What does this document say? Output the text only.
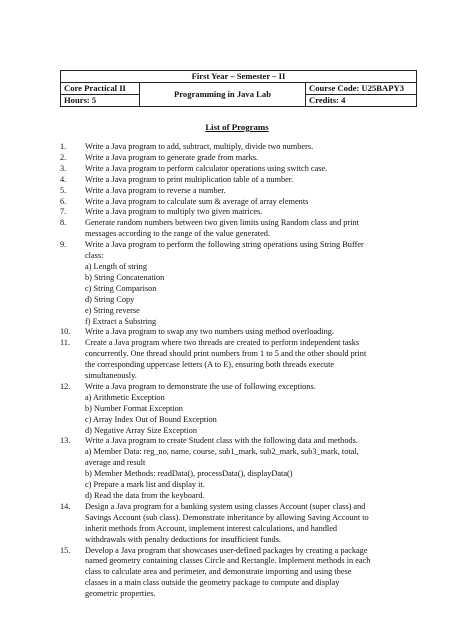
First Year – Semester – II		
Core Practical II	Programming in Java Lab	Course Code: U25BAPY3
Hours: 5		Credits: 4
List of Programs
1. Write a Java program to add, subtract, multiply, divide two numbers.
2. Write a Java program to generate grade from marks.
3. Write a Java program to perform calculator operations using switch case.
4. Write a Java program to print multiplication table of a number.
5. Write a Java program to reverse a number.
6. Write a Java program to calculate sum & average of array elements
7. Write a Java program to multiply two given matrices.
8. Generate random numbers between two given limits using Random class and print
messages according to the range of the value generated.
9. Write a Java program to perform the following string operations using String Buffer
class:
a) Length of string
b) String Concatenation
c) String Comparison
d) String Copy
e) String reverse
f) Extract a Substring
10. Write a Java program to swap any two numbers using method overloading.
11. Create a Java program where two threads are created to perform independent tasks
concurrently. One thread should print numbers from 1 to 5 and the other should print
the corresponding uppercase letters (A to E), ensuring both threads execute
simultaneously.
12. Write a Java program to demonstrate the use of following exceptions.
a) Arithmetic Exception
b) Number Format Exception
c) Array Index Out of Bound Exception
d) Negative Array Size Exception
13. Write a Java program to create Student class with the following data and methods.
a) Member Data: reg_no, name, course, sub1_mark, sub2_mark, sub3_mark, total,
average and result
b) Member Methods: readData(), processData(), displayData()
c) Prepare a mark list and display it.
d) Read the data from the keyboard.
14. Design a Java program for a banking system using classes Account (super class) and
Savings Account (sub class). Demonstrate inheritance by allowing Saving Account to
inherit methods from Account, implement interest calculations, and handled
withdrawals with penalty deductions for insufficient funds.
15. Develop a Java program that showcases user-defined packages by creating a package
named geometry containing classes Circle and Rectangle. Implement methods in each
class to calculate area and perimeter, and demonstrate importing and using these
classes in a main class outside the geometry package to compute and display
geometric properties.
